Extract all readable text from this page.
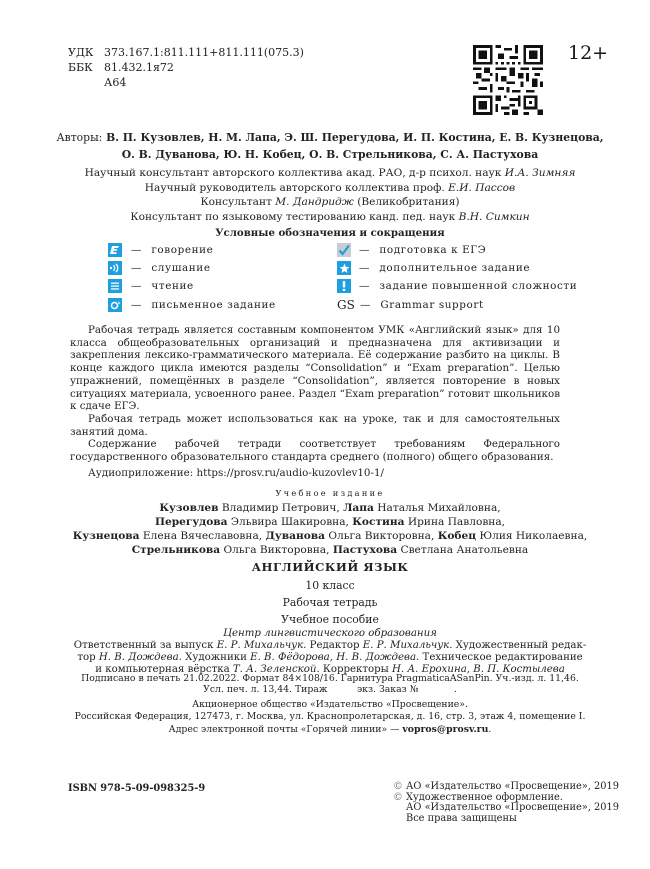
УДК 373.167.1:811.111+811.111(075.3)
ББК	81.432.1я72
А64
12+
Авторы: В. П. Кузовлев, Н. М. Лапа, Э. Ш. Перегудова, И. П. Костина, Е. В. Кузнецова,
О. В. Дуванова, Ю. Н. Кобец, О. В. Стрельникова, С. А. Пастухова
Научный консультант авторского коллектива акад. РАО, д-р психол. наук И.А. Зимняя
Научный руководитель авторского коллектива проф. Е.И. Пассов
Консультант М. Дандридж (Великобритания)
Консультант по языковому тестированию канд. пед. наук В.Н. Симкин
Условные обозначения и сокращения
— говорение
— слушание
— чтение
— письменное задание
— подготовка к ЕГЭ
— дополнительное задание
— задание повышенной сложности
GS — Grammar support

Рабочая тетрадь является составным компонентом УМК «Английский язык» для 10 класса общеобразовательных организаций и предназначена для активизации и закрепления лексико-грамматического материала. Её содержание разбито на циклы. В конце каждого цикла имеются разделы “Consolidation” и “Exam preparation”. Целью упражнений, помещённых в разделе “Consolidation”, является повторение в новых ситуациях материала, усвоенного ранее. Раздел “Exam preparation” готовит школьников к сдаче ЕГЭ.

Рабочая тетрадь может использоваться как на уроке, так и для самостоятельных занятий дома.

Содержание рабочей тетради соответствует требованиям Федерального государственного образовательного стандарта среднего (полного) общего образования.

Аудиоприложение: https://prosv.ru/audio-kuzovlev10-1/
Учебное издание
Кузовлев Владимир Петрович, Лапа Наталья Михайловна,
Перегудова Эльвира Шакировна, Костина Ирина Павловна,
Кузнецова Елена Вячеславовна, Дуванова Ольга Викторовна, Кобец Юлия Николаевна,
Стрельникова Ольга Викторовна, Пастухова Светлана Анатольевна
АНГЛИЙСКИЙ ЯЗЫК
10 класс
Рабочая тетрадь
Учебное пособие
Центр лингвистического образования
Ответственный за выпуск Е. Р. Михальчук. Редактор Е. Р. Михальчук. Художественный редак-
тор Н. В. Дождева. Художники Е. В. Фёдорова, Н. В. Дождева. Техническое редактирование
и компьютерная вёрстка Т. А. Зеленской. Корректоры Н. А. Ерохина, В. П. Костылева
Подписано в печать 21.02.2022. Формат 84×108/16. Гарнитура PragmaticaASanPin. Уч.-изд. л. 11,46.
Усл. печ. л. 13,44. Тираж          экз. Заказ №            .
Акционерное общество «Издательство «Просвещение».
Российская Федерация, 127473, г. Москва, ул. Краснопролетарская, д. 16, стр. 3, этаж 4, помещение I.
Адрес электронной почты «Горячей линии» — vopros@prosv.ru.
ISBN 978-5-09-098325-9	© АО «Издательство «Просвещение», 2019
© Художественное оформление.
АО «Издательство «Просвещение», 2019
Все права защищены
